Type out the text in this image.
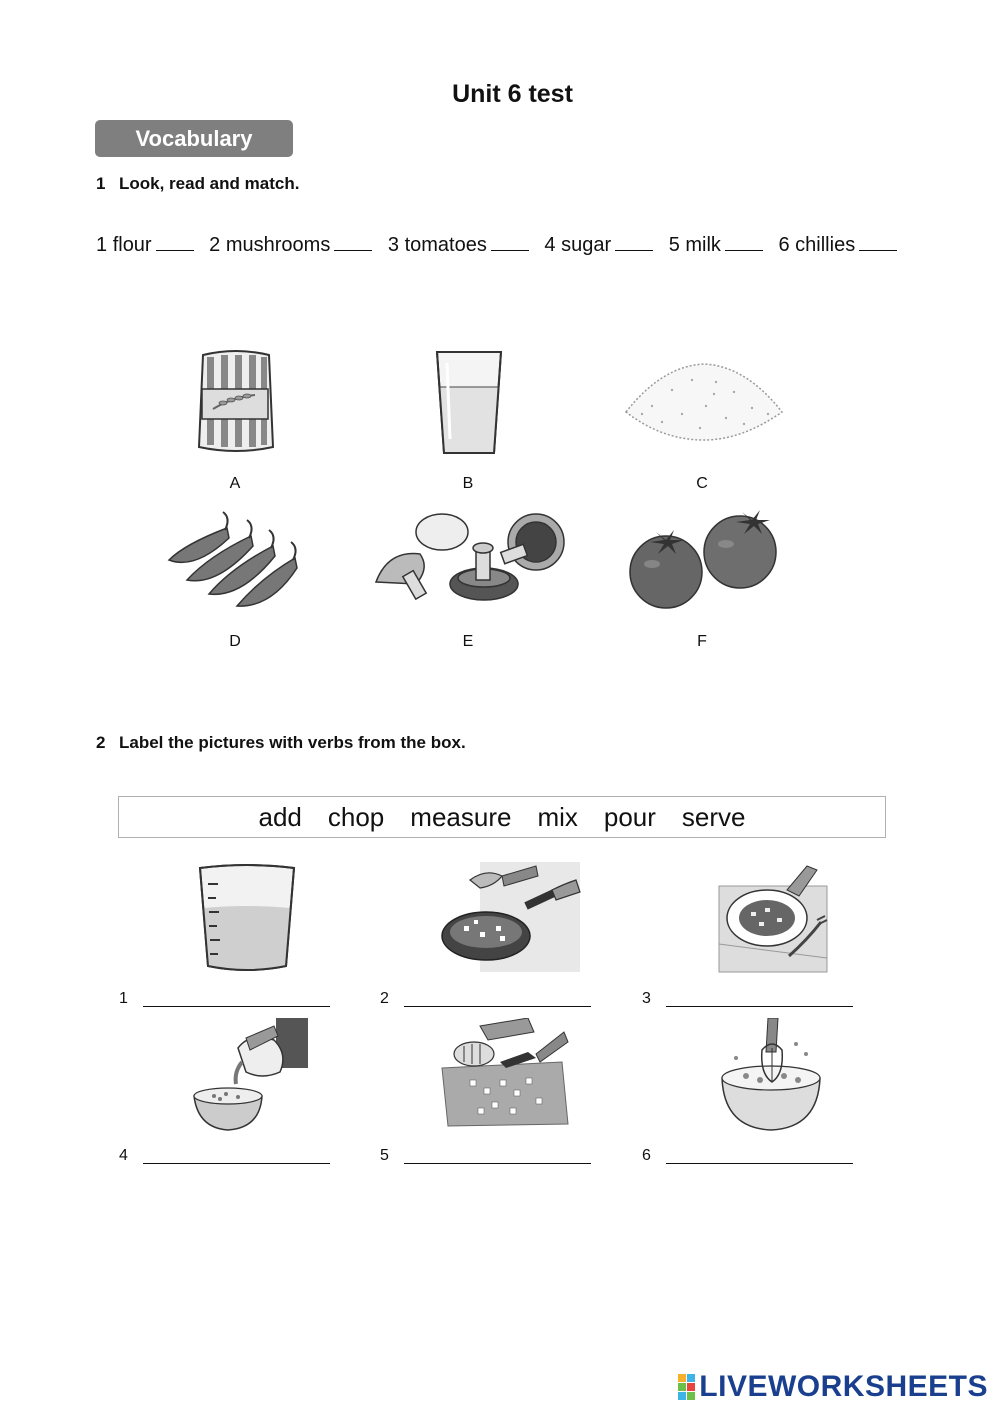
Unit 6 test
Vocabulary
1 Look, read and match.
1 flour	2 mushrooms	3 tomatoes	4 sugar	5 milk	6 chillies
A	B	C
D	E	F
2 Label the pictures with verbs from the box.
add chop measure mix pour serve
1	2	3
4	5	6
LIVEWORKSHEETS
